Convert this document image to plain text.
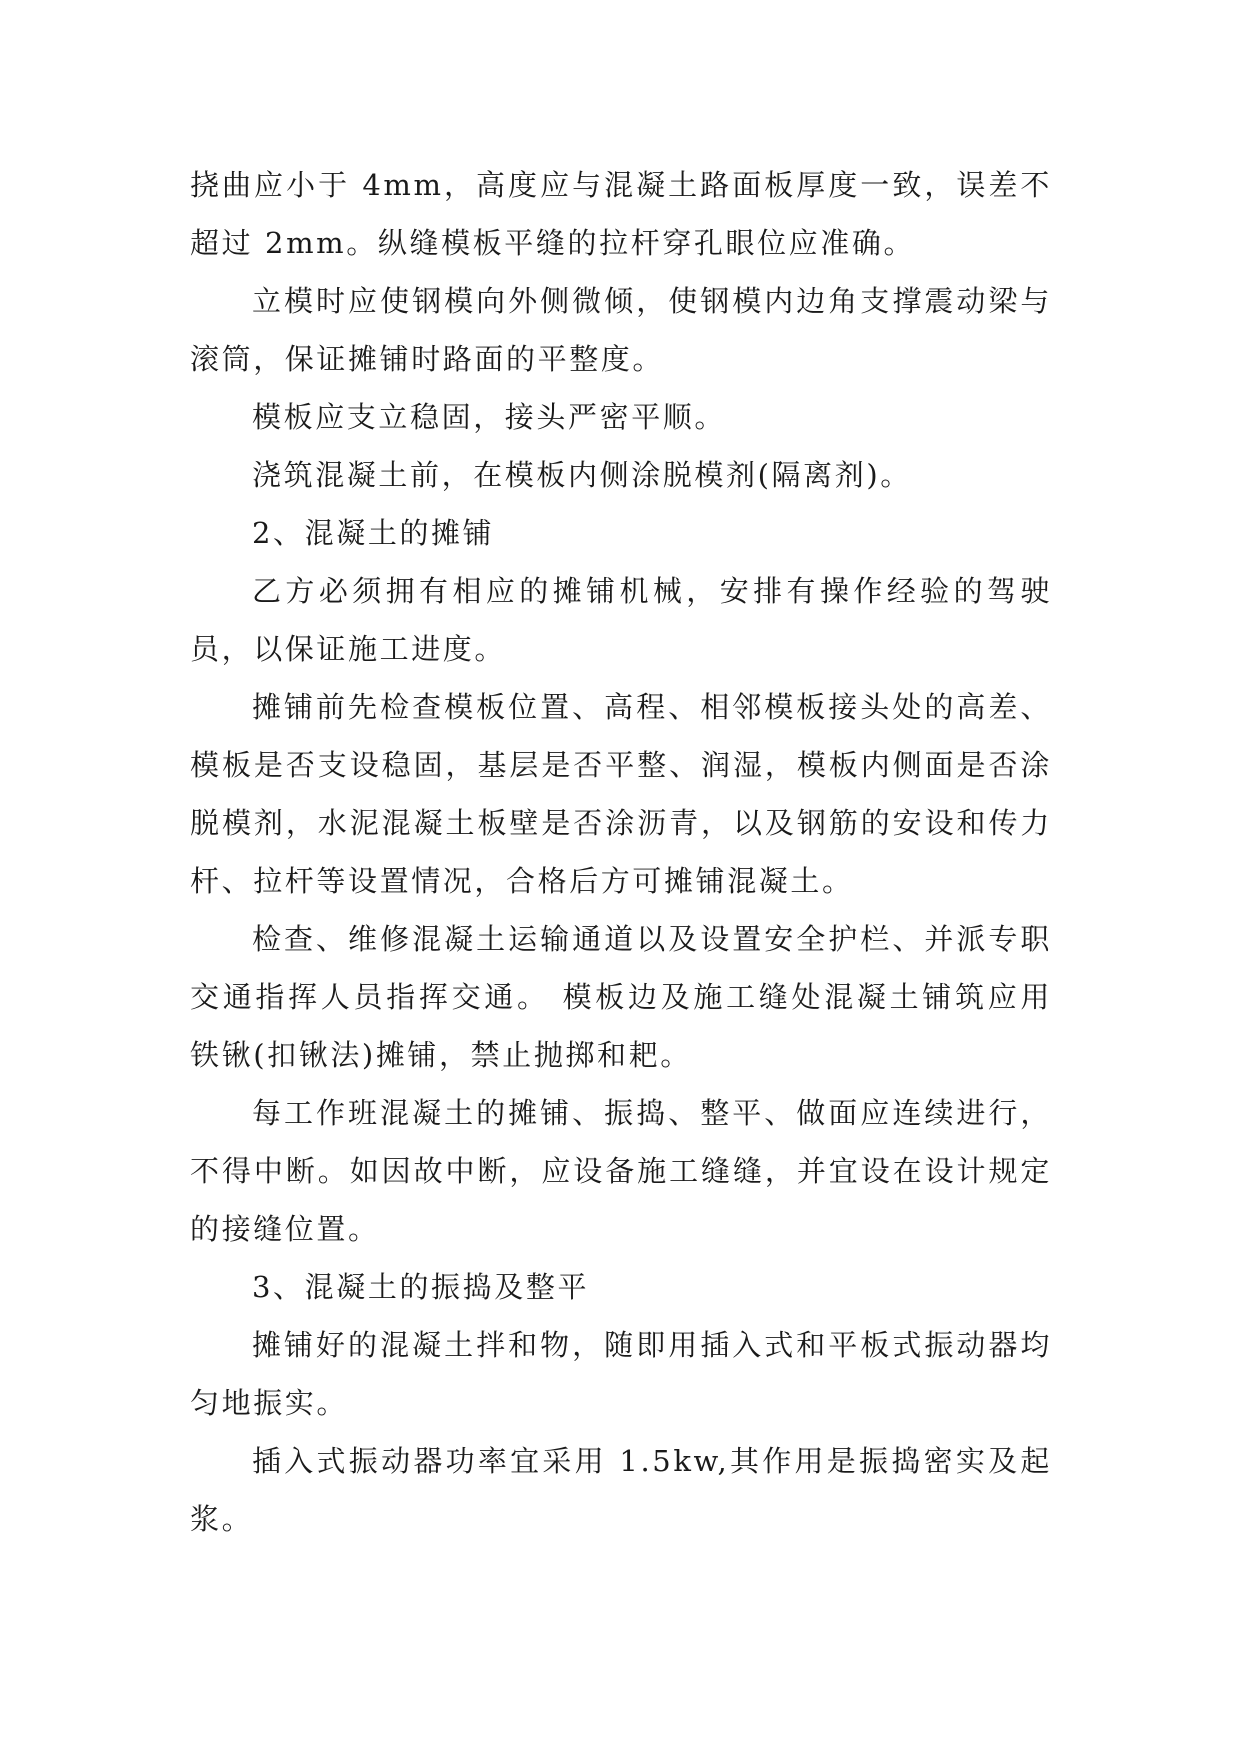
挠曲应小于 4mm，高度应与混凝土路面板厚度一致，误差不超过 2mm。纵缝模板平缝的拉杆穿孔眼位应准确。

立模时应使钢模向外侧微倾，使钢模内边角支撑震动梁与滚筒，保证摊铺时路面的平整度。

模板应支立稳固，接头严密平顺。

浇筑混凝土前，在模板内侧涂脱模剂(隔离剂)。

2、混凝土的摊铺

乙方必须拥有相应的摊铺机械，安排有操作经验的驾驶员，以保证施工进度。

摊铺前先检查模板位置、高程、相邻模板接头处的高差、模板是否支设稳固，基层是否平整、润湿，模板内侧面是否涂脱模剂，水泥混凝土板壁是否涂沥青，以及钢筋的安设和传力杆、拉杆等设置情况，合格后方可摊铺混凝土。

检查、维修混凝土运输通道以及设置安全护栏、并派专职交通指挥人员指挥交通。 模板边及施工缝处混凝土铺筑应用铁锹(扣锹法)摊铺，禁止抛掷和耙。

每工作班混凝土的摊铺、振捣、整平、做面应连续进行，不得中断。如因故中断，应设备施工缝缝，并宜设在设计规定的接缝位置。

3、混凝土的振捣及整平

摊铺好的混凝土拌和物，随即用插入式和平板式振动器均匀地振实。

插入式振动器功率宜采用 1.5kw,其作用是振捣密实及起浆。
